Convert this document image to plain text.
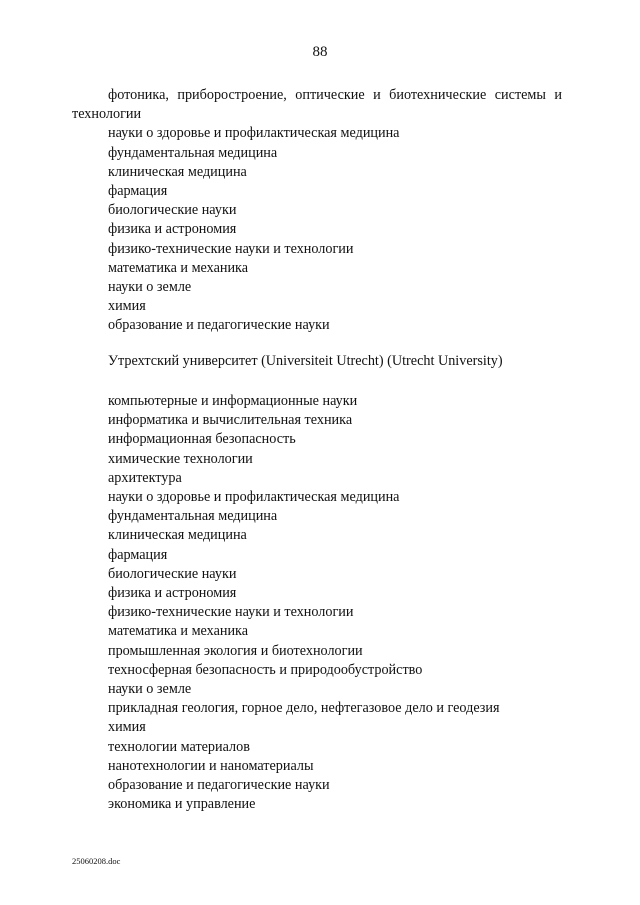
88
фотоника, приборостроение, оптические и биотехнические системы и технологии
науки о здоровье и профилактическая медицина
фундаментальная медицина
клиническая медицина
фармация
биологические науки
физика и астрономия
физико-технические науки и технологии
математика и механика
науки о земле
химия
образование и педагогические науки
Утрехтский университет (Universiteit Utrecht) (Utrecht University)
компьютерные и информационные науки
информатика и вычислительная техника
информационная безопасность
химические технологии
архитектура
науки о здоровье и профилактическая медицина
фундаментальная медицина
клиническая медицина
фармация
биологические науки
физика и астрономия
физико-технические науки и технологии
математика и механика
промышленная экология и биотехнологии
техносферная безопасность и природообустройство
науки о земле
прикладная геология, горное дело, нефтегазовое дело и геодезия
химия
технологии материалов
нанотехнологии и наноматериалы
образование и педагогические науки
экономика и управление
25060208.doc
